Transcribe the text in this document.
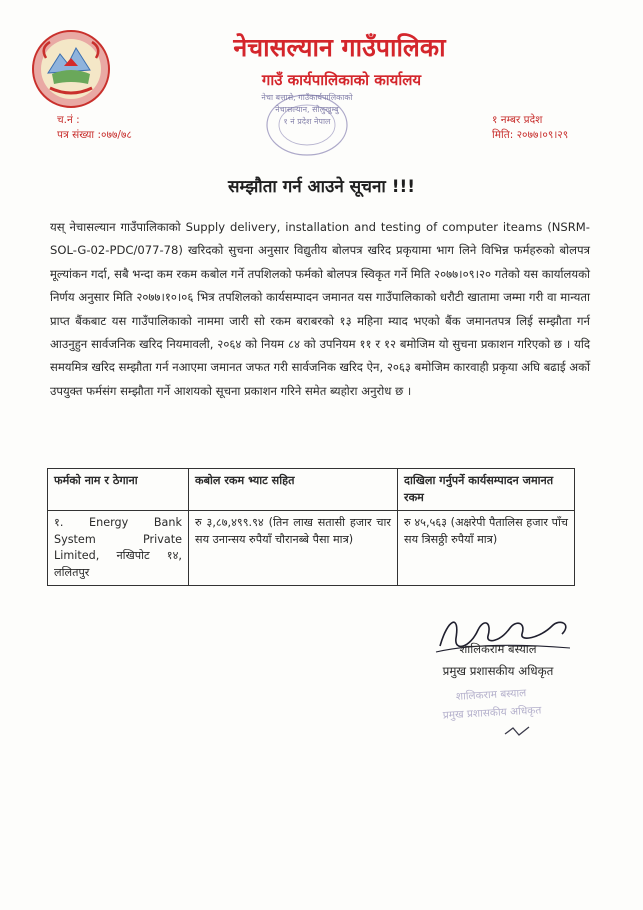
नेचासल्यान गाउँपालिका
गाउँ कार्यपालिकाको कार्यालय
नेचा बत्तासे, गाउँकार्यपालिकाको
नेचासल्यान, सोलुखुम्बु
१ नं प्रदेश नेपाल

च.नं :

पत्र संख्या :०७७/७८

१ नम्बर प्रदेश

मिति: २०७७।०९।२९

सम्झौता गर्न आउने सूचना !!!

यस् नेचासल्यान गाउँपालिकाको Supply delivery, installation and testing of computer iteams (NSRM-SOL-G-02-PDC/077-78) खरिदको सुचना अनुसार विद्युतीय बोलपत्र खरिद प्रकृयामा भाग लिने विभिन्न फर्महरुको बोलपत्र मूल्यांकन गर्दा, सबै भन्दा कम रकम कबोल गर्ने तपशिलको फर्मको बोलपत्र स्विकृत गर्ने मिति २०७७।०९।२० गतेको यस कार्यालयको निर्णय अनुसार मिति २०७७।१०।०६ भित्र तपशिलको कार्यसम्पादन जमानत यस गाउँपालिकाको धरौटी खातामा जम्मा गरी वा मान्यता प्राप्त बैंकबाट यस गाउँपालिकाको नाममा जारी सो रकम बराबरको १३ महिना म्याद भएको बैंक जमानतपत्र लिई सम्झौता गर्न आउनुहुन सार्वजनिक खरिद नियमावली, २०६४ को नियम ८४ को उपनियम ११ र १२ बमोजिम यो सुचना प्रकाशन गरिएको छ । यदि समयमित्र खरिद सम्झौता गर्न नआएमा जमानत जफत गरी सार्वजनिक खरिद ऐन, २०६३ बमोजिम कारवाही प्रकृया अघि बढाई अर्को उपयुक्त फर्मसंग सम्झौता गर्ने आशयको सूचना प्रकाशन गरिने समेत ब्यहोरा अनुरोध छ ।

फर्मको नाम र ठेगाना	कबोल रकम भ्याट सहित	दाखिला गर्नुपर्ने कार्यसम्पादन जमानत रकम
१. Energy Bank System Private Limited, नखिपोट १४, ललितपुर	रु ३,८७,४९९.९४ (तिन लाख सतासी हजार चार सय उनान्सय रुपैयाँ चौरानब्बे पैसा मात्र)	रु ४५,५६३ (अक्षरेपी पैतालिस हजार पाँच सय त्रिसठ्ठी रुपैयाँ मात्र)

शालिकराम बस्याल

प्रमुख प्रशासकीय अधिकृत

शालिकराम बस्याल
प्रमुख प्रशासकीय अधिकृत
